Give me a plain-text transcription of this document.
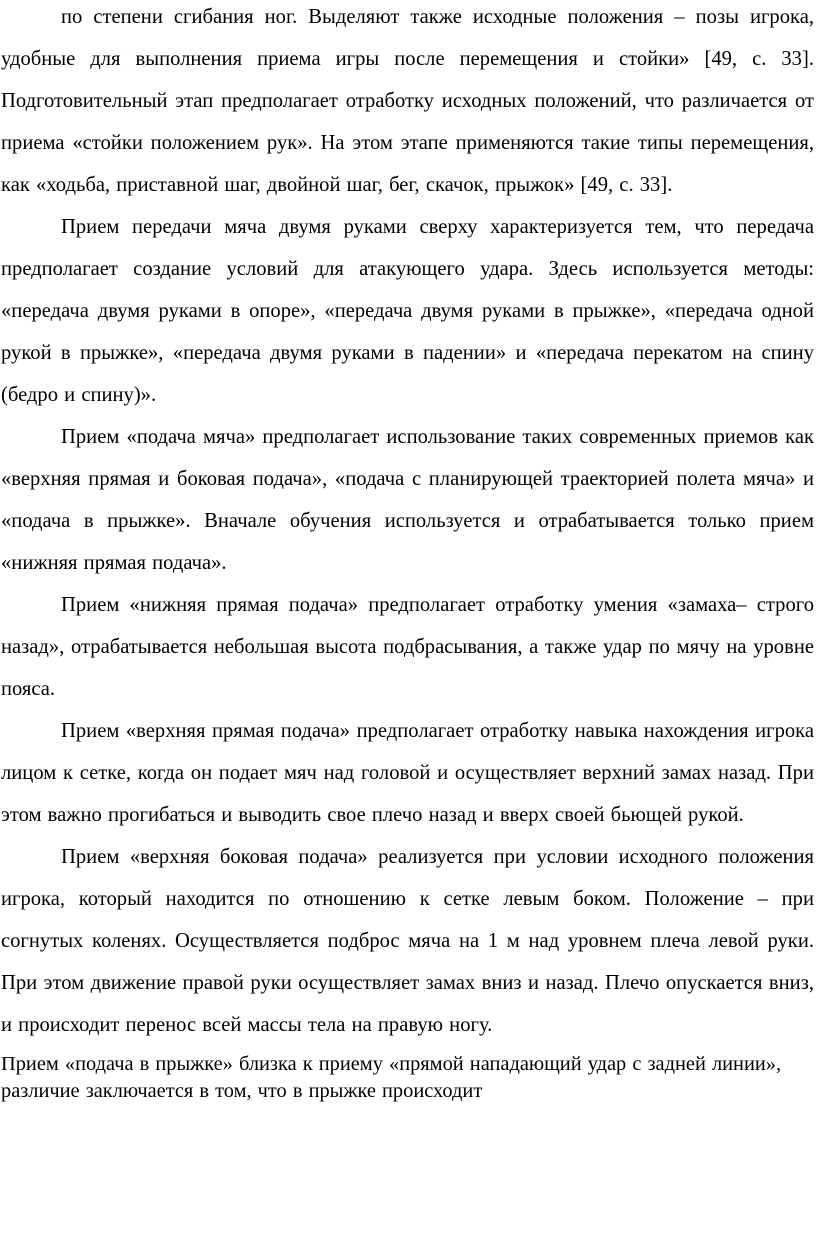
по степени сгибания ног. Выделяют также исходные положения – позы игрока, удобные для выполнения приема игры после перемещения и стойки» [49, с. 33]. Подготовительный этап предполагает отработку исходных положений, что различается от приема «стойки положением рук». На этом этапе применяются такие типы перемещения, как «ходьба, приставной шаг, двойной шаг, бег, скачок, прыжок» [49, с. 33].

Прием передачи мяча двумя руками сверху характеризуется тем, что передача предполагает создание условий для атакующего удара. Здесь используется методы: «передача двумя руками в опоре», «передача двумя руками в прыжке», «передача одной рукой в прыжке», «передача двумя руками в падении» и «передача перекатом на спину (бедро и спину)».

Прием «подача мяча» предполагает использование таких современных приемов как «верхняя прямая и боковая подача», «подача с планирующей траекторией полета мяча» и «подача в прыжке». Вначале обучения используется и отрабатывается только прием «нижняя прямая подача».

Прием «нижняя прямая подача» предполагает отработку умения «замаха– строго назад», отрабатывается небольшая высота подбрасывания, а также удар по мячу на уровне пояса.

Прием «верхняя прямая подача» предполагает отработку навыка нахождения игрока лицом к сетке, когда он подает мяч над головой и осуществляет верхний замах назад. При этом важно прогибаться и выводить свое плечо назад и вверх своей бьющей рукой.

Прием «верхняя боковая подача» реализуется при условии исходного положения игрока, который находится по отношению к сетке левым боком. Положение – при согнутых коленях. Осуществляется подброс мяча на 1 м над уровнем плеча левой руки. При этом движение правой руки осуществляет замах вниз и назад. Плечо опускается вниз, и происходит перенос всей массы тела на правую ногу.

Прием «подача в прыжке» близка к приему «прямой нападающий удар с задней линии», различие заключается в том, что в прыжке происходит
